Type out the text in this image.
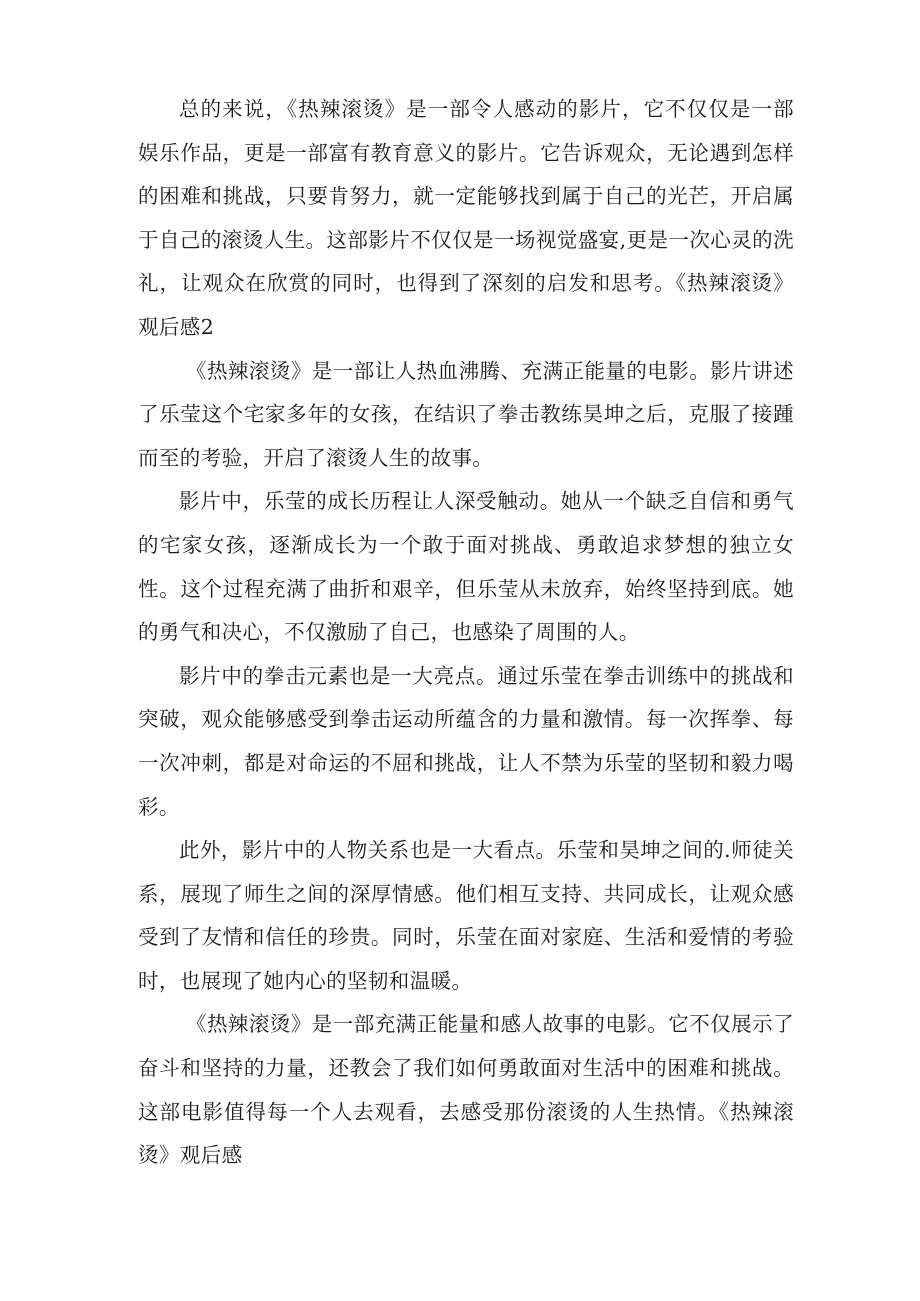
总的来说，《热辣滚烫》是一部令人感动的影片，它不仅仅是一部娱乐作品，更是一部富有教育意义的影片。它告诉观众，无论遇到怎样的困难和挑战，只要肯努力，就一定能够找到属于自己的光芒，开启属于自己的滚烫人生。这部影片不仅仅是一场视觉盛宴,更是一次心灵的洗礼，让观众在欣赏的同时，也得到了深刻的启发和思考。《热辣滚烫》观后感2

《热辣滚烫》是一部让人热血沸腾、充满正能量的电影。影片讲述了乐莹这个宅家多年的女孩，在结识了拳击教练昊坤之后，克服了接踵而至的考验，开启了滚烫人生的故事。

影片中，乐莹的成长历程让人深受触动。她从一个缺乏自信和勇气的宅家女孩，逐渐成长为一个敢于面对挑战、勇敢追求梦想的独立女性。这个过程充满了曲折和艰辛，但乐莹从未放弃，始终坚持到底。她的勇气和决心，不仅激励了自己，也感染了周围的人。

影片中的拳击元素也是一大亮点。通过乐莹在拳击训练中的挑战和突破，观众能够感受到拳击运动所蕴含的力量和激情。每一次挥拳、每一次冲刺，都是对命运的不屈和挑战，让人不禁为乐莹的坚韧和毅力喝彩。

此外，影片中的人物关系也是一大看点。乐莹和昊坤之间的.师徒关系，展现了师生之间的深厚情感。他们相互支持、共同成长，让观众感受到了友情和信任的珍贵。同时，乐莹在面对家庭、生活和爱情的考验时，也展现了她内心的坚韧和温暖。

《热辣滚烫》是一部充满正能量和感人故事的电影。它不仅展示了奋斗和坚持的力量，还教会了我们如何勇敢面对生活中的困难和挑战。这部电影值得每一个人去观看，去感受那份滚烫的人生热情。《热辣滚烫》观后感
